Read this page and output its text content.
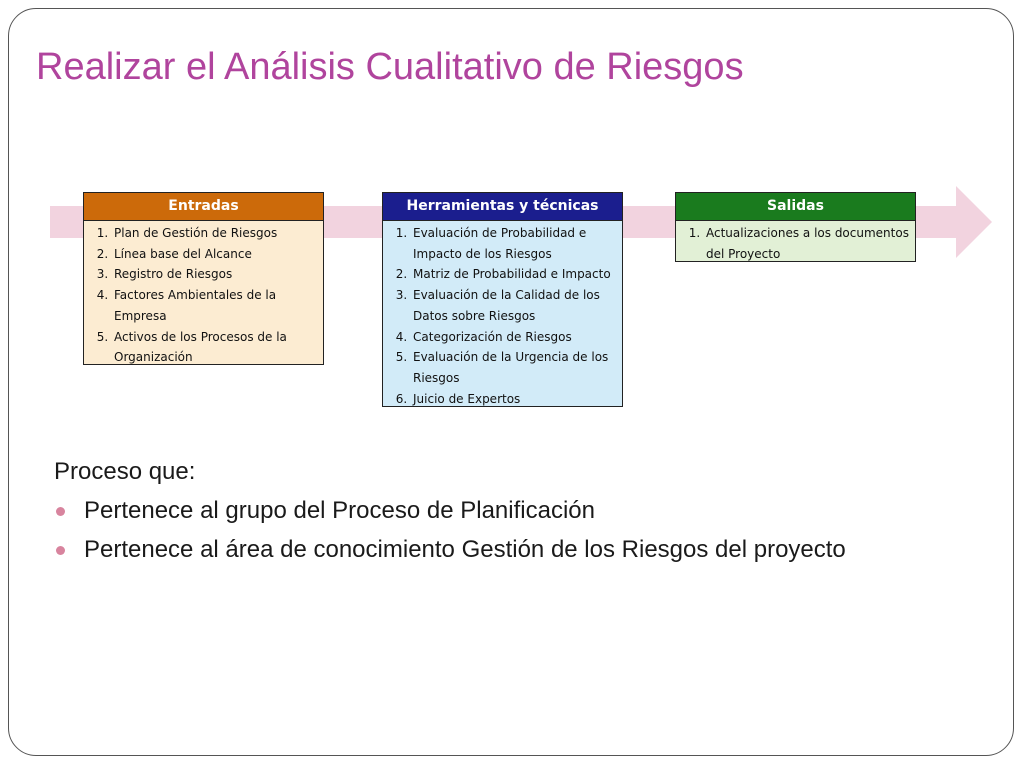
Realizar el Análisis Cualitativo de Riesgos
Entradas
1. Plan de Gestión de Riesgos
2. Línea base del Alcance
3. Registro de Riesgos
4. Factores Ambientales de la Empresa
5. Activos de los Procesos de la Organización
Herramientas y técnicas
1. Evaluación de Probabilidad e Impacto de los Riesgos
2. Matriz de Probabilidad e Impacto
3. Evaluación de la Calidad de los Datos sobre Riesgos
4. Categorización de Riesgos
5. Evaluación de la Urgencia de los Riesgos
6. Juicio de Expertos
Salidas
1. Actualizaciones a los documentos del Proyecto

Proceso que:

Pertenece al grupo del Proceso de Planificación
Pertenece al área de conocimiento Gestión de los Riesgos del proyecto
